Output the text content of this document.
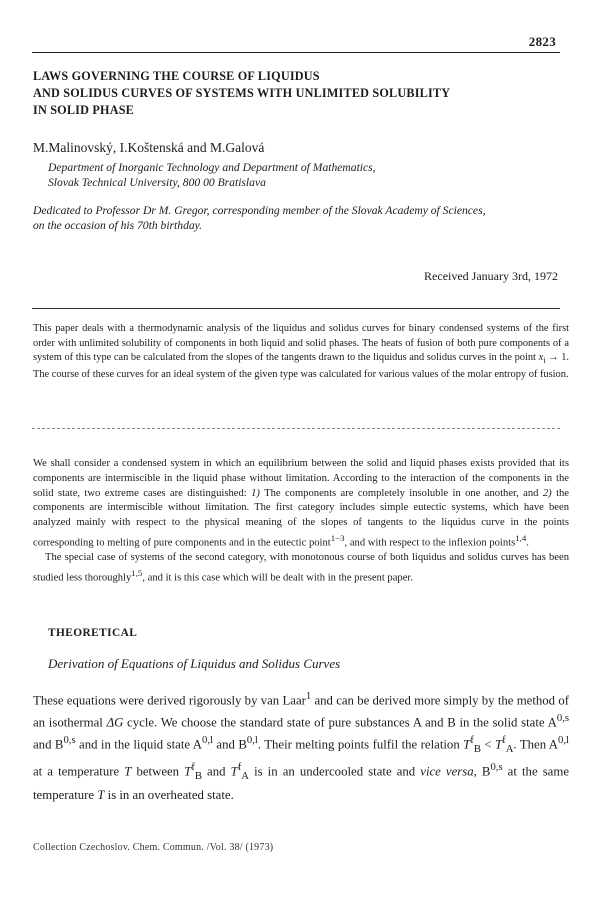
2823
LAWS GOVERNING THE COURSE OF LIQUIDUS
AND SOLIDUS CURVES OF SYSTEMS WITH UNLIMITED SOLUBILITY
IN SOLID PHASE
M.Malinovský, I.Koštenská and M.Galová
Department of Inorganic Technology and Department of Mathematics,
Slovak Technical University, 800 00 Bratislava
Dedicated to Professor Dr M. Gregor, corresponding member of the Slovak Academy of Sciences,
on the occasion of his 70th birthday.
Received January 3rd, 1972
This paper deals with a thermodynamic analysis of the liquidus and solidus curves for binary condensed systems of the first order with unlimited solubility of components in both liquid and solid phases. The heats of fusion of both pure components of a system of this type can be calculated from the slopes of the tangents drawn to the liquidus and solidus curves in the point $x_i \to 1$. The course of these curves for an ideal system of the given type was calculated for various values of the molar entropy of fusion.

We shall consider a condensed system in which an equilibrium between the solid and liquid phases exists provided that its components are intermiscible in the liquid phase without limitation. According to the interaction of the components in the solid state, two extreme cases are distinguished: 1) The components are completely insoluble in one another, and 2) the components are intermiscible without limitation. The first category includes simple eutectic systems, which have been analyzed mainly with respect to the physical meaning of the slopes of tangents to the liquidus curve in the points corresponding to melting of pure components and in the eutectic point$^{1-3}$, and with respect to the inflexion points$^{1,4}$.

The special case of systems of the second category, with monotonous course of both liquidus and solidus curves has been studied less thoroughly$^{1,5}$, and it is this case which will be dealt with in the present paper.

THEORETICAL
Derivation of Equations of Liquidus and Solidus Curves

These equations were derived rigorously by van Laar$^1$ and can be derived more simply by the method of an isothermal ΔG cycle. We choose the standard state of pure substances A and B in the solid state A$^{0,s}$ and B$^{0,s}$ and in the liquid state A$^{0,l}$ and B$^{0,l}$. Their melting points fulfil the relation $T^f_B < T^f_A$. Then A$^{0,l}$ at a temperature T between $T^f_B$ and $T^f_A$ is in an undercooled state and vice versa, B$^{0,s}$ at the same temperature T is in an overheated state.

Collection Czechoslov. Chem. Commun. /Vol. 38/ (1973)
